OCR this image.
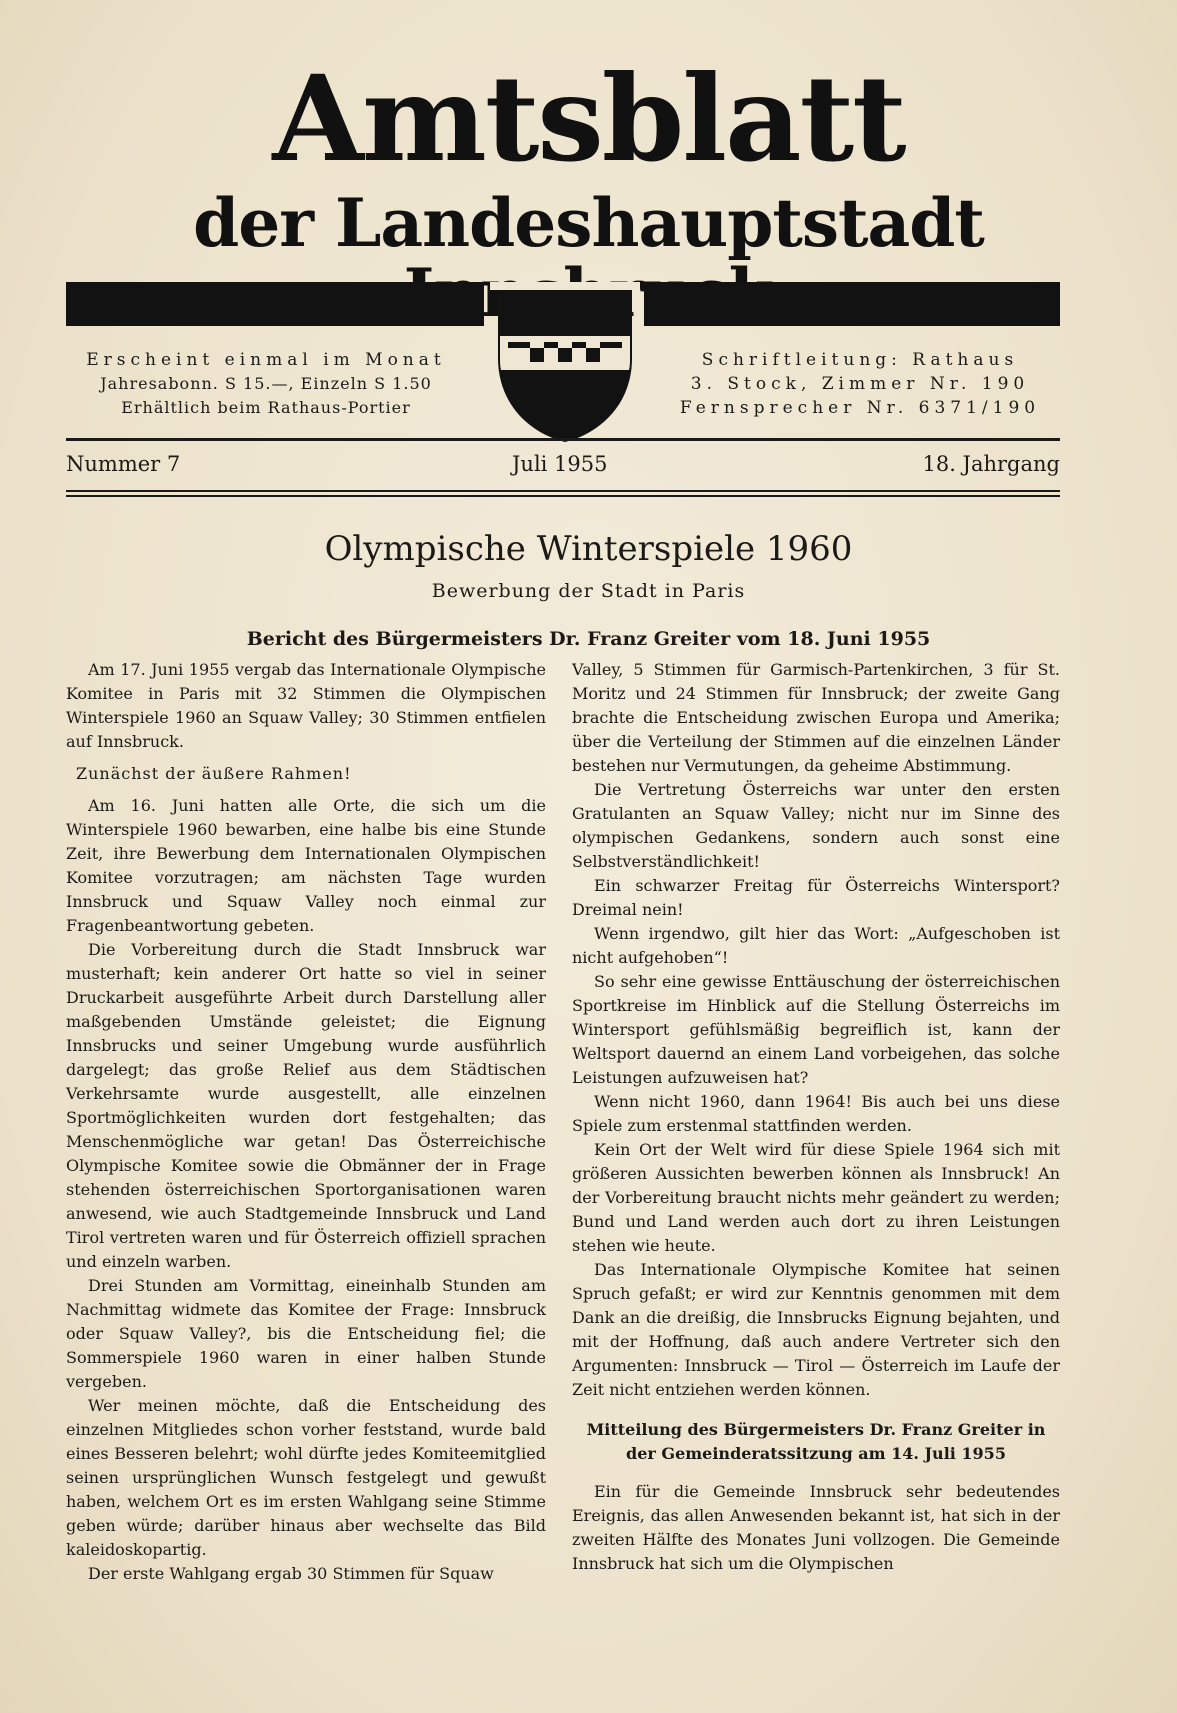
Amtsblatt
der Landeshauptstadt
Erscheint einmal im Monat
Jahresabonn. S 15.—, Einzeln S 1.50
Erhältlich beim Rathaus-Portier
Schriftleitung: Rathaus
3. Stock, Zimmer Nr. 190
Fernsprecher Nr. 6371/190
Nummer 7	Juli 1955	18. Jahrgang
Olympische Winterspiele 1960
Bewerbung der Stadt in Paris
Bericht des Bürgermeisters Dr. Franz Greiter vom 18. Juni 1955

Am 17. Juni 1955 vergab das Internationale Olympische Komitee in Paris mit 32 Stimmen die Olympischen Winterspiele 1960 an Squaw Valley; 30 Stimmen entfielen auf Innsbruck.

Zunächst der äußere Rahmen!

Am 16. Juni hatten alle Orte, die sich um die Winterspiele 1960 bewarben, eine halbe bis eine Stunde Zeit, ihre Bewerbung dem Internationalen Olympischen Komitee vorzutragen; am nächsten Tage wurden Innsbruck und Squaw Valley noch einmal zur Fragenbeantwortung gebeten.

Die Vorbereitung durch die Stadt Innsbruck war musterhaft; kein anderer Ort hatte so viel in seiner Druckarbeit ausgeführte Arbeit durch Darstellung aller maßgebenden Umstände geleistet; die Eignung Innsbrucks und seiner Umgebung wurde ausführlich dargelegt; das große Relief aus dem Städtischen Verkehrsamte wurde ausgestellt, alle einzelnen Sportmöglichkeiten wurden dort festgehalten; das Menschenmögliche war getan! Das Österreichische Olympische Komitee sowie die Obmänner der in Frage stehenden österreichischen Sportorganisationen waren anwesend, wie auch Stadtgemeinde Innsbruck und Land Tirol vertreten waren und für Österreich offiziell sprachen und einzeln warben.

Drei Stunden am Vormittag, eineinhalb Stunden am Nachmittag widmete das Komitee der Frage: Innsbruck oder Squaw Valley?, bis die Entscheidung fiel; die Sommerspiele 1960 waren in einer halben Stunde vergeben.

Wer meinen möchte, daß die Entscheidung des einzelnen Mitgliedes schon vorher feststand, wurde bald eines Besseren belehrt; wohl dürfte jedes Komiteemitglied seinen ursprünglichen Wunsch festgelegt und gewußt haben, welchem Ort es im ersten Wahlgang seine Stimme geben würde; darüber hinaus aber wechselte das Bild kaleidoskopartig.

Der erste Wahlgang ergab 30 Stimmen für Squaw

Valley, 5 Stimmen für Garmisch-Partenkirchen, 3 für St. Moritz und 24 Stimmen für Innsbruck; der zweite Gang brachte die Entscheidung zwischen Europa und Amerika; über die Verteilung der Stimmen auf die einzelnen Länder bestehen nur Vermutungen, da geheime Abstimmung.

Die Vertretung Österreichs war unter den ersten Gratulanten an Squaw Valley; nicht nur im Sinne des olympischen Gedankens, sondern auch sonst eine Selbstverständlichkeit!

Ein schwarzer Freitag für Österreichs Wintersport? Dreimal nein!

Wenn irgendwo, gilt hier das Wort: „Aufgeschoben ist nicht aufgehoben“!

So sehr eine gewisse Enttäuschung der österreichischen Sportkreise im Hinblick auf die Stellung Österreichs im Wintersport gefühlsmäßig begreiflich ist, kann der Weltsport dauernd an einem Land vorbeigehen, das solche Leistungen aufzuweisen hat?

Wenn nicht 1960, dann 1964! Bis auch bei uns diese Spiele zum erstenmal stattfinden werden.

Kein Ort der Welt wird für diese Spiele 1964 sich mit größeren Aussichten bewerben können als Innsbruck! An der Vorbereitung braucht nichts mehr geändert zu werden; Bund und Land werden auch dort zu ihren Leistungen stehen wie heute.

Das Internationale Olympische Komitee hat seinen Spruch gefaßt; er wird zur Kenntnis genommen mit dem Dank an die dreißig, die Innsbrucks Eignung bejahten, und mit der Hoffnung, daß auch andere Vertreter sich den Argumenten: Innsbruck — Tirol — Österreich im Laufe der Zeit nicht entziehen werden können.

Mitteilung des Bürgermeisters Dr. Franz Greiter in
der Gemeinderatssitzung am 14. Juli 1955

Ein für die Gemeinde Innsbruck sehr bedeutendes Ereignis, das allen Anwesenden bekannt ist, hat sich in der zweiten Hälfte des Monates Juni vollzogen. Die Gemeinde Innsbruck hat sich um die Olympischen
